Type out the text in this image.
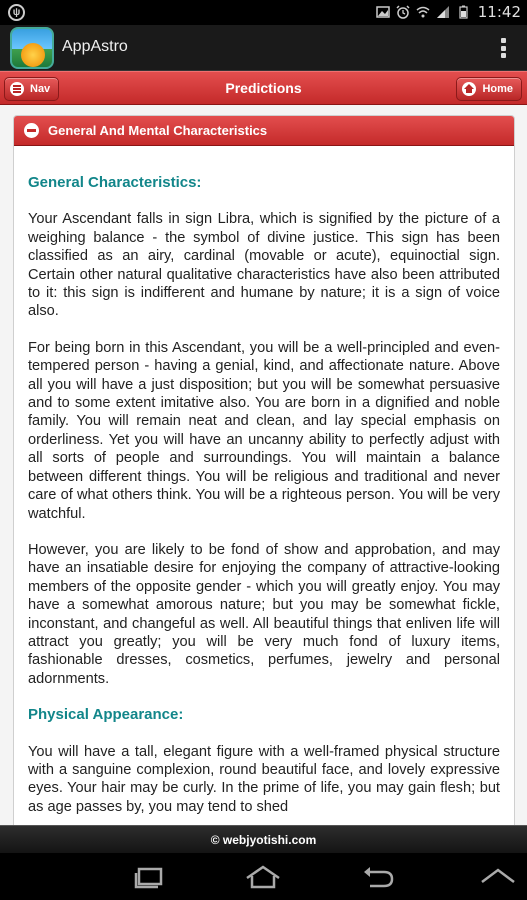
ψ	11:42
AppAstro
Nav	Predictions	Home
General And Mental Characteristics
General Characteristics:

Your Ascendant falls in sign Libra, which is signified by the picture of a weighing balance - the symbol of divine justice. This sign has been classified as an airy, cardinal (movable or acute), equinoctial sign. Certain other natural qualitative characteristics have also been attributed to it: this sign is indifferent and humane by nature; it is a sign of voice also.

For being born in this Ascendant, you will be a well-principled and even-tempered person - having a genial, kind, and affectionate nature. Above all you will have a just disposition; but you will be somewhat persuasive and to some extent imitative also. You are born in a dignified and noble family. You will remain neat and clean, and lay special emphasis on orderliness. Yet you will have an uncanny ability to perfectly adjust with all sorts of people and surroundings. You will maintain a balance between different things. You will be religious and traditional and never care of what others think. You will be a righteous person. You will be very watchful.

However, you are likely to be fond of show and approbation, and may have an insatiable desire for enjoying the company of attractive-looking members of the opposite gender - which you will greatly enjoy. You may have a somewhat amorous nature; but you may be somewhat fickle, inconstant, and changeful as well. All beautiful things that enliven life will attract you greatly; you will be very much fond of luxury items, fashionable dresses, cosmetics, perfumes, jewelry and personal adornments.

Physical Appearance:

You will have a tall, elegant figure with a well-framed physical structure with a sanguine complexion, round beautiful face, and lovely expressive eyes. Your hair may be curly. In the prime of life, you may gain flesh; but as age passes by, you may tend to shed

© webjyotishi.com
